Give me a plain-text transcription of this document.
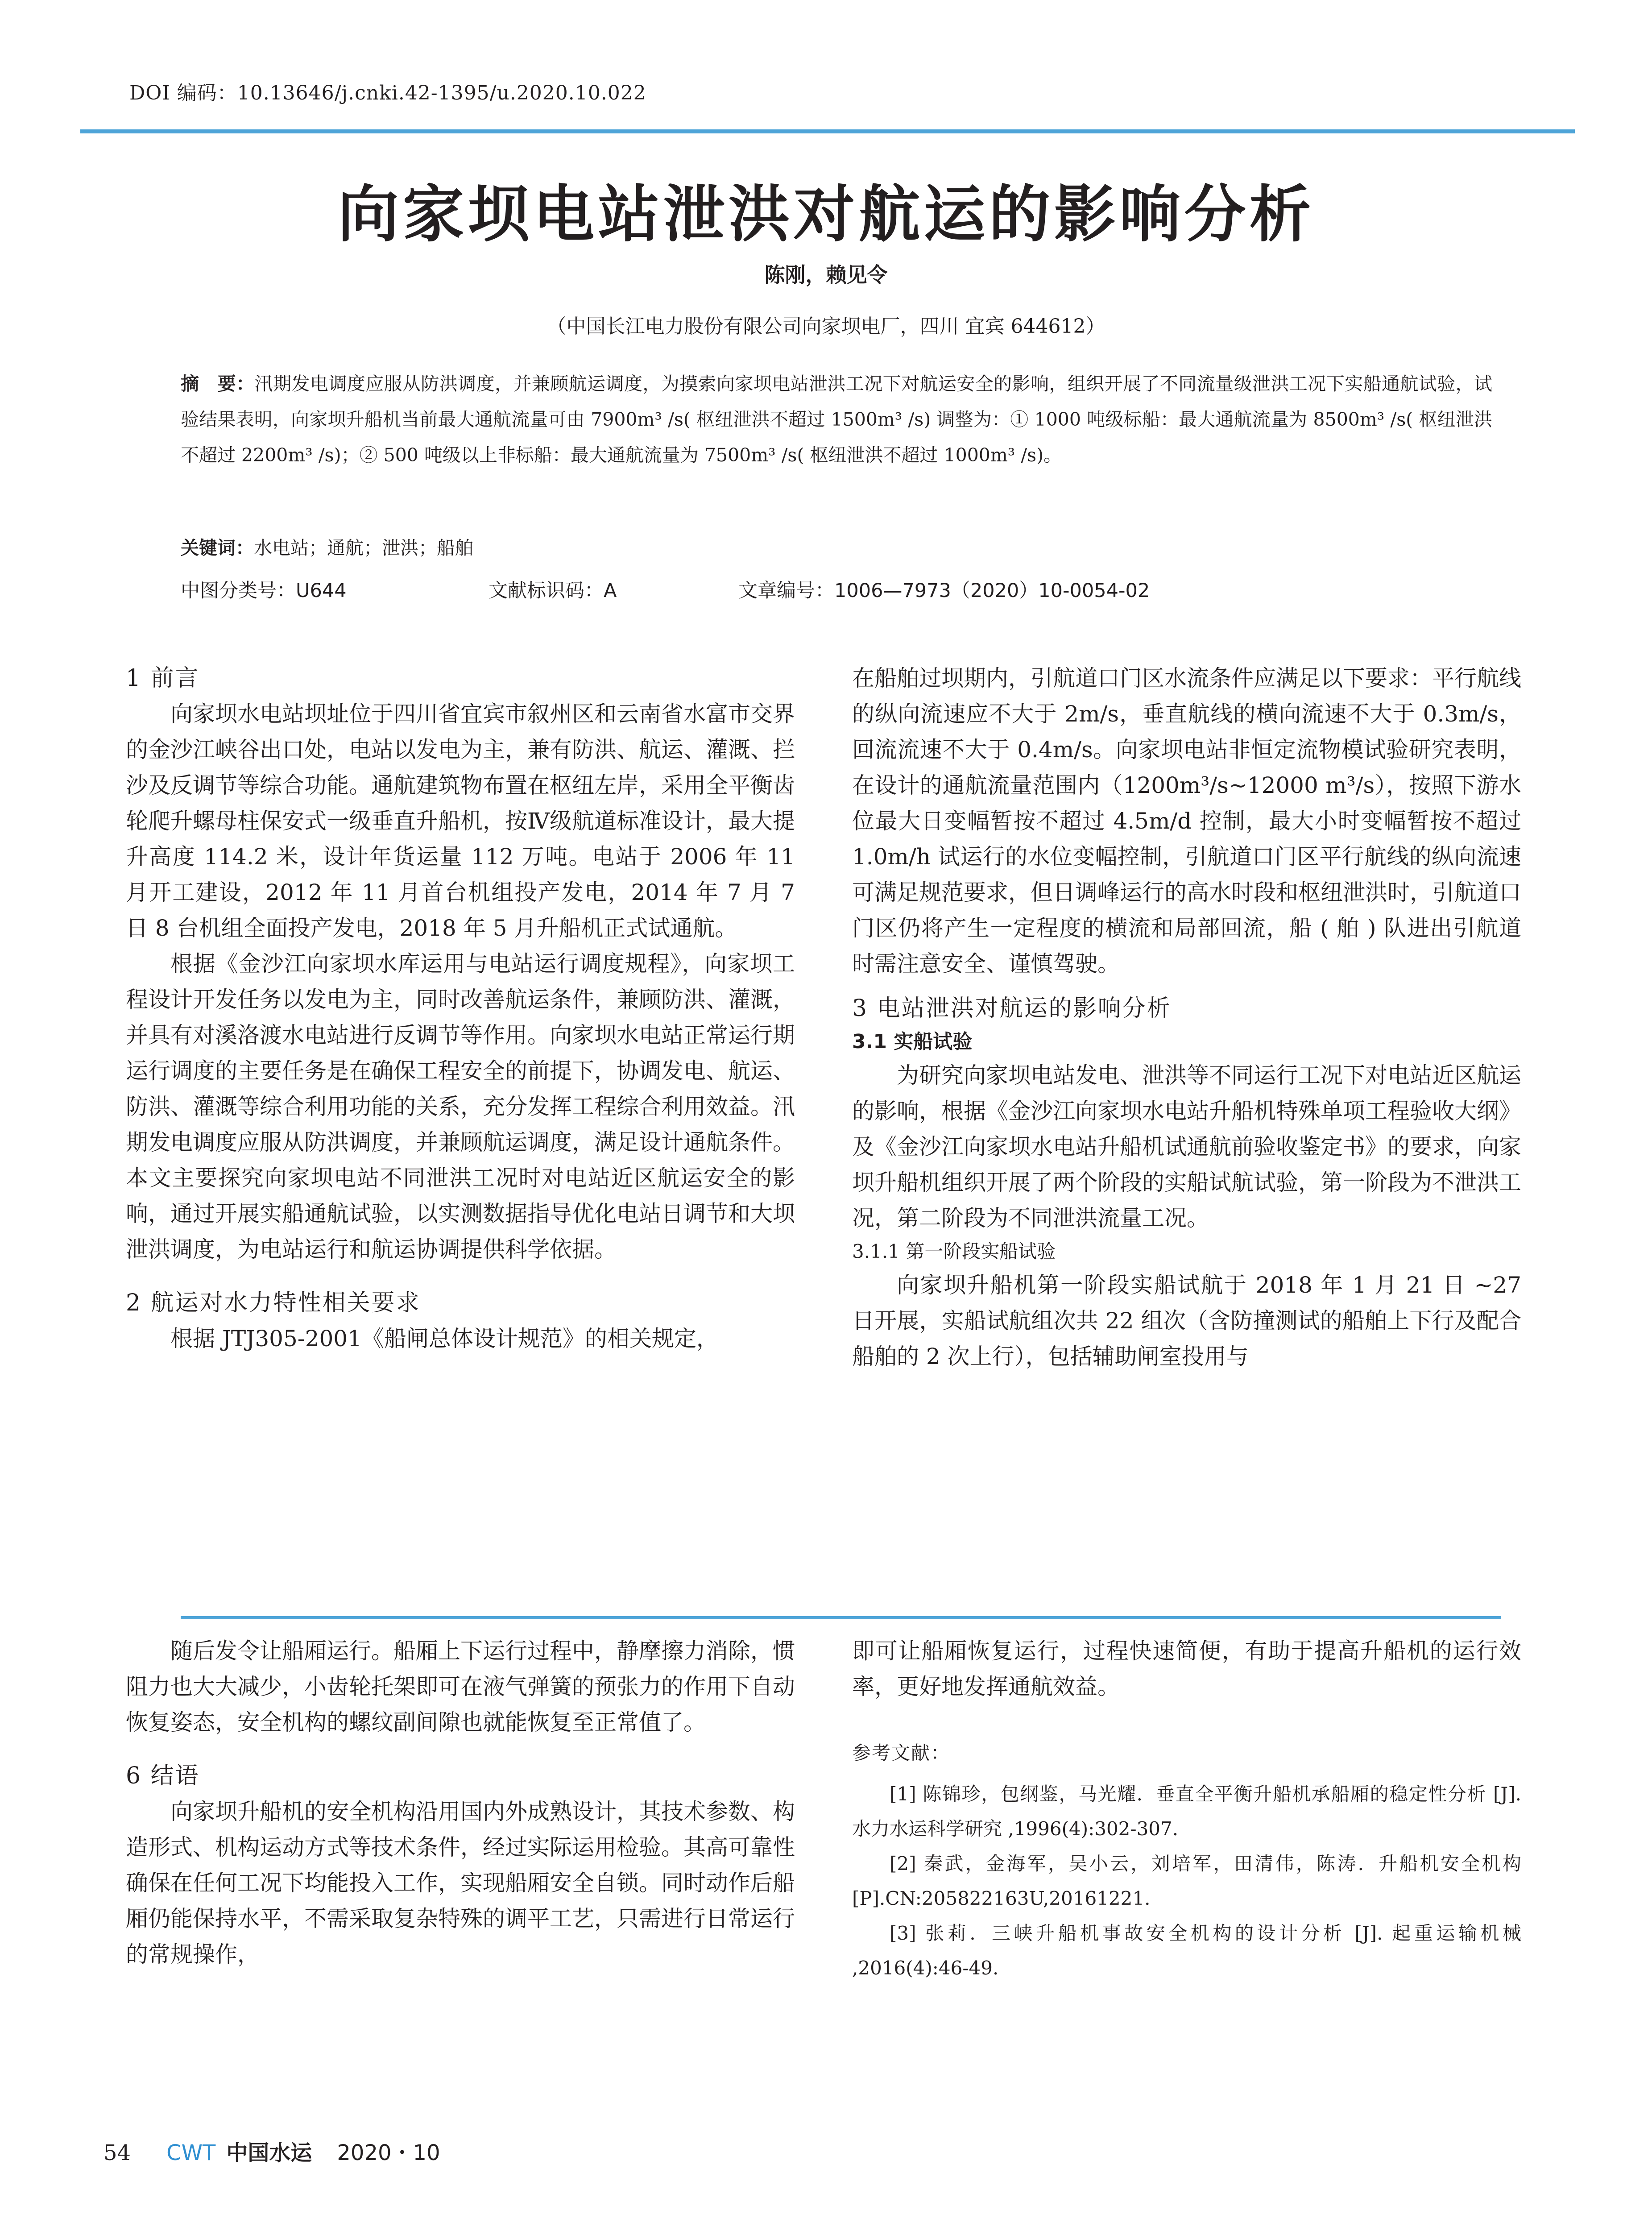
DOI 编码：10.13646/j.cnki.42-1395/u.2020.10.022
向家坝电站泄洪对航运的影响分析
陈刚，赖见令
（中国长江电力股份有限公司向家坝电厂，四川 宜宾 644612）
摘　要：汛期发电调度应服从防洪调度，并兼顾航运调度，为摸索向家坝电站泄洪工况下对航运安全的影响，组织开展了不同流量级泄洪工况下实船通航试验，试验结果表明，向家坝升船机当前最大通航流量可由 7900m³ /s( 枢纽泄洪不超过 1500m³ /s) 调整为：① 1000 吨级标船：最大通航流量为 8500m³ /s( 枢纽泄洪不超过 2200m³ /s)；② 500 吨级以上非标船：最大通航流量为 7500m³ /s( 枢纽泄洪不超过 1000m³ /s)。
关键词：水电站；通航；泄洪；船舶
中图分类号：U644	文献标识码：A	文章编号：1006—7973（2020）10-0054-02
1 前言

向家坝水电站坝址位于四川省宜宾市叙州区和云南省水富市交界的金沙江峡谷出口处，电站以发电为主，兼有防洪、航运、灌溉、拦沙及反调节等综合功能。通航建筑物布置在枢纽左岸，采用全平衡齿轮爬升螺母柱保安式一级垂直升船机，按Ⅳ级航道标准设计，最大提升高度 114.2 米，设计年货运量 112 万吨。电站于 2006 年 11 月开工建设，2012 年 11 月首台机组投产发电，2014 年 7 月 7 日 8 台机组全面投产发电，2018 年 5 月升船机正式试通航。

根据《金沙江向家坝水库运用与电站运行调度规程》，向家坝工程设计开发任务以发电为主，同时改善航运条件，兼顾防洪、灌溉，并具有对溪洛渡水电站进行反调节等作用。向家坝水电站正常运行期运行调度的主要任务是在确保工程安全的前提下，协调发电、航运、防洪、灌溉等综合利用功能的关系，充分发挥工程综合利用效益。汛期发电调度应服从防洪调度，并兼顾航运调度，满足设计通航条件。本文主要探究向家坝电站不同泄洪工况时对电站近区航运安全的影响，通过开展实船通航试验，以实测数据指导优化电站日调节和大坝泄洪调度，为电站运行和航运协调提供科学依据。

2 航运对水力特性相关要求

根据 JTJ305-2001《船闸总体设计规范》的相关规定，

在船舶过坝期内，引航道口门区水流条件应满足以下要求：平行航线的纵向流速应不大于 2m/s，垂直航线的横向流速不大于 0.3m/s，回流流速不大于 0.4m/s。向家坝电站非恒定流物模试验研究表明，在设计的通航流量范围内（1200m³/s~12000 m³/s），按照下游水位最大日变幅暂按不超过 4.5m/d 控制，最大小时变幅暂按不超过 1.0m/h 试运行的水位变幅控制，引航道口门区平行航线的纵向流速可满足规范要求，但日调峰运行的高水时段和枢纽泄洪时，引航道口门区仍将产生一定程度的横流和局部回流，船 ( 舶 ) 队进出引航道时需注意安全、谨慎驾驶。

3 电站泄洪对航运的影响分析
3.1 实船试验

为研究向家坝电站发电、泄洪等不同运行工况下对电站近区航运的影响，根据《金沙江向家坝水电站升船机特殊单项工程验收大纲》及《金沙江向家坝水电站升船机试通航前验收鉴定书》的要求，向家坝升船机组织开展了两个阶段的实船试航试验，第一阶段为不泄洪工况，第二阶段为不同泄洪流量工况。

3.1.1 第一阶段实船试验

向家坝升船机第一阶段实船试航于 2018 年 1 月 21 日 ~27 日开展，实船试航组次共 22 组次（含防撞测试的船舶上下行及配合船舶的 2 次上行），包括辅助闸室投用与

随后发令让船厢运行。船厢上下运行过程中，静摩擦力消除，惯阻力也大大减少，小齿轮托架即可在液气弹簧的预张力的作用下自动恢复姿态，安全机构的螺纹副间隙也就能恢复至正常值了。

6 结语

向家坝升船机的安全机构沿用国内外成熟设计，其技术参数、构造形式、机构运动方式等技术条件，经过实际运用检验。其高可靠性确保在任何工况下均能投入工作，实现船厢安全自锁。同时动作后船厢仍能保持水平，不需采取复杂特殊的调平工艺，只需进行日常运行的常规操作，

即可让船厢恢复运行，过程快速简便，有助于提高升船机的运行效率，更好地发挥通航效益。

参考文献：

[1] 陈锦珍，包纲鉴，马光耀．垂直全平衡升船机承船厢的稳定性分析 [J]. 水力水运科学研究 ,1996(4):302-307.

[2] 秦武，金海军，吴小云，刘培军，田清伟，陈涛．升船机安全机构 [P].CN:205822163U,20161221.

[3] 张莉．三峡升船机事故安全机构的设计分析 [J]. 起重运输机械 ,2016(4):46-49.

54 CWT 中国水运 2020・10
